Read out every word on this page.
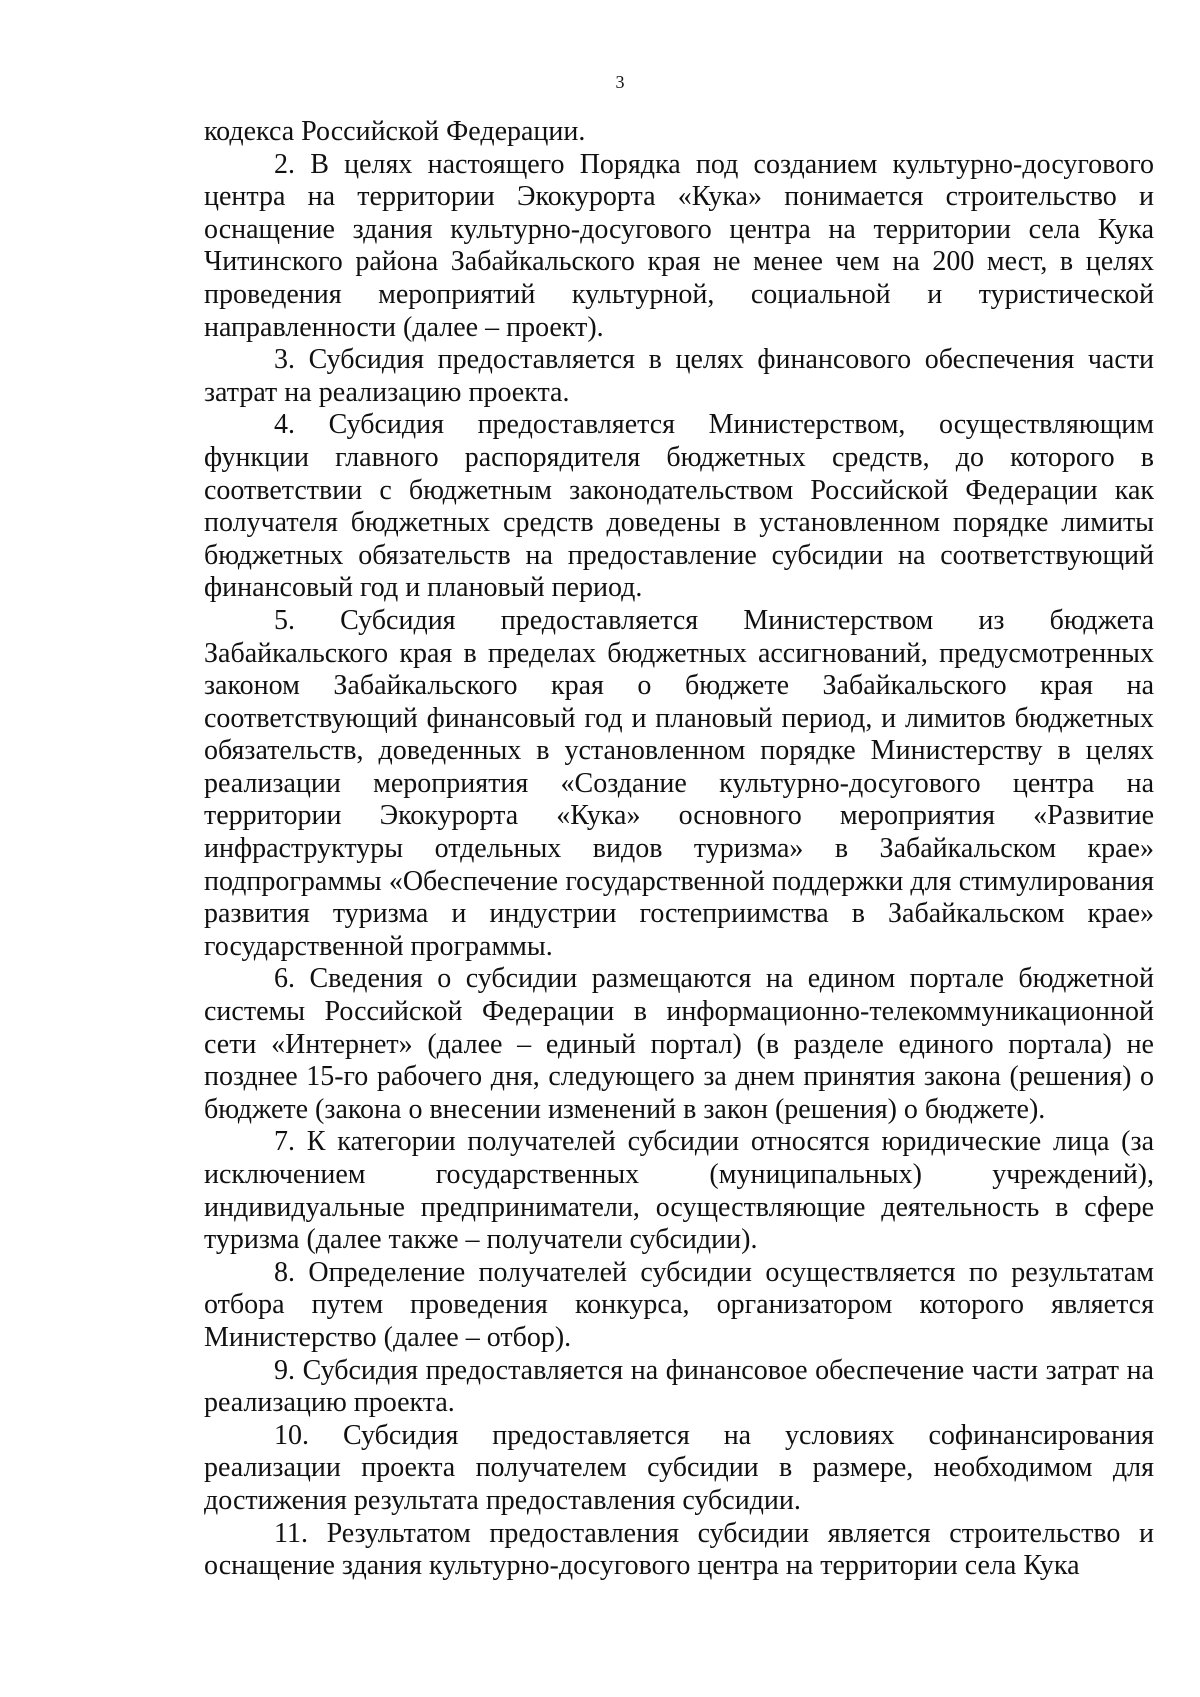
3

кодекса Российской Федерации.

2. В целях настоящего Порядка под созданием культурно-досугового центра на территории Экокурорта «Кука» понимается строительство и оснащение здания культурно-досугового центра на территории села Кука Читинского района Забайкальского края не менее чем на 200 мест, в целях проведения мероприятий культурной, социальной и туристической направленности (далее – проект).

3. Субсидия предоставляется в целях финансового обеспечения части затрат на реализацию проекта.

4. Субсидия предоставляется Министерством, осуществляющим функции главного распорядителя бюджетных средств, до которого в соответствии с бюджетным законодательством Российской Федерации как получателя бюджетных средств доведены в установленном порядке лимиты бюджетных обязательств на предоставление субсидии на соответствующий финансовый год и плановый период.

5. Субсидия предоставляется Министерством из бюджета Забайкальского края в пределах бюджетных ассигнований, предусмотренных законом Забайкальского края о бюджете Забайкальского края на соответствующий финансовый год и плановый период, и лимитов бюджетных обязательств, доведенных в установленном порядке Министерству в целях реализации мероприятия «Создание культурно-досугового центра на территории Экокурорта «Кука» основного мероприятия «Развитие инфраструктуры отдельных видов туризма» в Забайкальском крае» подпрограммы «Обеспечение государственной поддержки для стимулирования развития туризма и индустрии гостеприимства в Забайкальском крае» государственной программы.

6. Сведения о субсидии размещаются на едином портале бюджетной системы Российской Федерации в информационно-телекоммуникационной сети «Интернет» (далее – единый портал) (в разделе единого портала) не позднее 15-го рабочего дня, следующего за днем принятия закона (решения) о бюджете (закона о внесении изменений в закон (решения) о бюджете).

7. К категории получателей субсидии относятся юридические лица (за исключением государственных (муниципальных) учреждений), индивидуальные предприниматели, осуществляющие деятельность в сфере туризма (далее также – получатели субсидии).

8. Определение получателей субсидии осуществляется по результатам отбора путем проведения конкурса, организатором которого является Министерство (далее – отбор).

9. Субсидия предоставляется на финансовое обеспечение части затрат на реализацию проекта.

10. Субсидия предоставляется на условиях софинансирования реализации проекта получателем субсидии в размере, необходимом для достижения результата предоставления субсидии.

11. Результатом предоставления субсидии является строительство и оснащение здания культурно-досугового центра на территории села Кука
